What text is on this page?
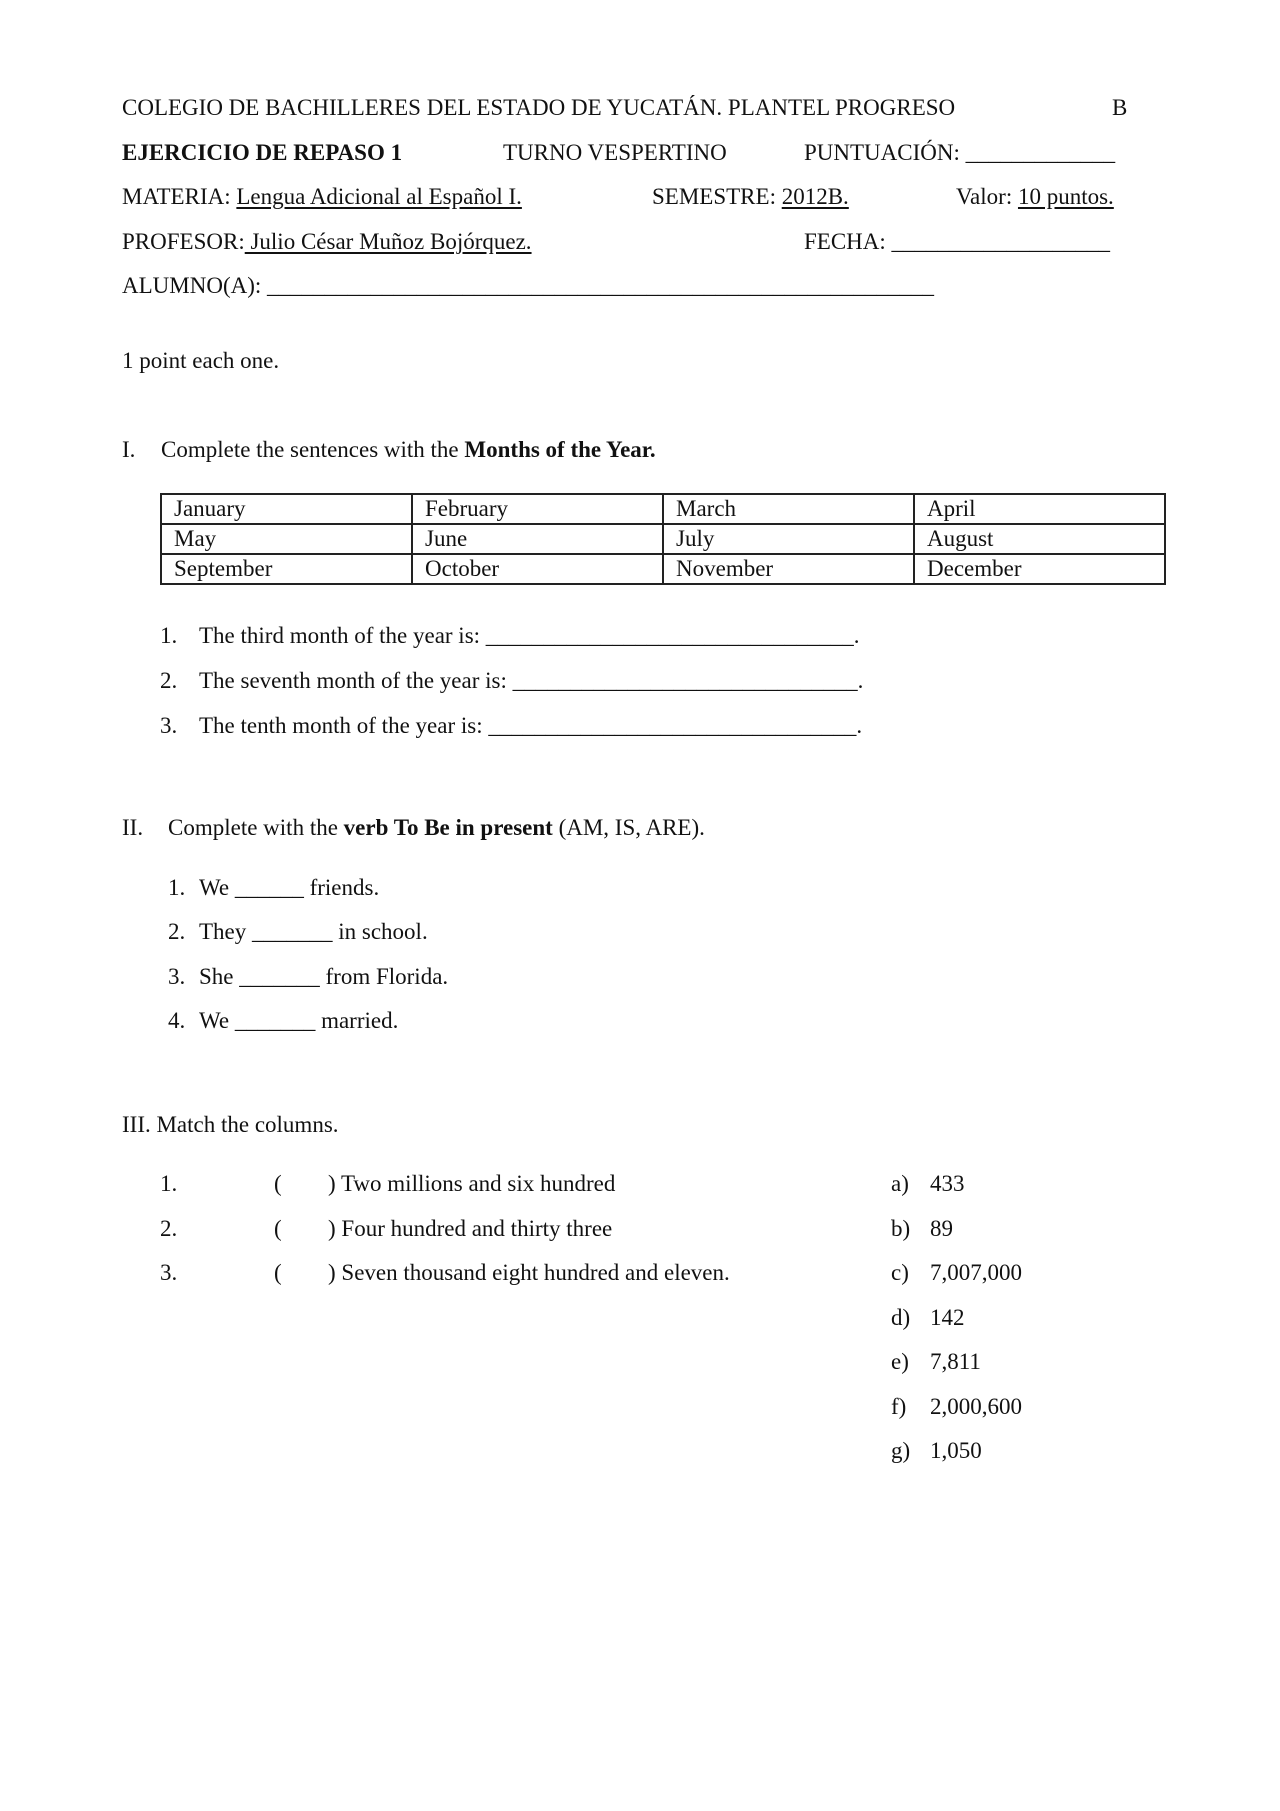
COLEGIO DE BACHILLERES DEL ESTADO DE YUCATÁN. PLANTEL PROGRESO	B
EJERCICIO DE REPASO 1	TURNO VESPERTINO	PUNTUACIÓN: _____________
MATERIA: Lengua Adicional al Español I.	SEMESTRE: 2012B.	Valor: 10 puntos.
PROFESOR: Julio César Muñoz Bojórquez.	FECHA: ___________________
ALUMNO(A): __________________________________________________________
1 point each one.
I. Complete the sentences with the Months of the Year.
January	February	March	April
May	June	July	August
September	October	November	December
1. The third month of the year is: ________________________________.
2. The seventh month of the year is: ______________________________.
3. The tenth month of the year is: ________________________________.
II. Complete with the verb To Be in present (AM, IS, ARE).
1. We ______ friends.
2. They _______ in school.
3. She _______ from Florida.
4. We _______ married.
III. Match the columns.
1.	( ) Two millions and six hundred
2.	( ) Four hundred and thirty three
3.	( ) Seven thousand eight hundred and eleven.
a) 433
b) 89
c) 7,007,000
d) 142
e) 7,811
f) 2,000,600
g) 1,050
